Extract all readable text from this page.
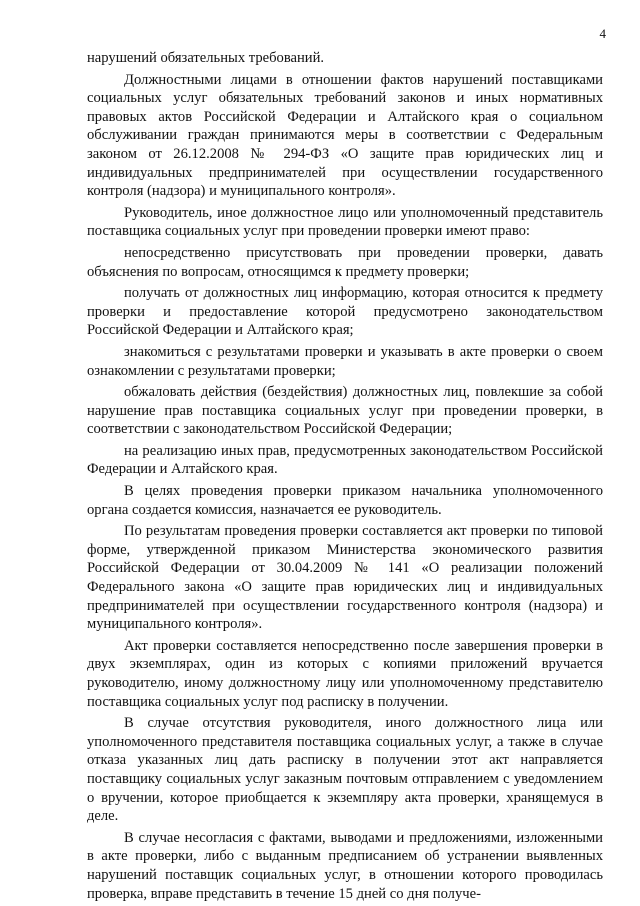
4

нарушений обязательных требований.

Должностными лицами в отношении фактов нарушений поставщиками социальных услуг обязательных требований законов и иных нормативных правовых актов Российской Федерации и Алтайского края о социальном обслуживании граждан принимаются меры в соответствии с Федеральным законом от 26.12.2008 № 294-ФЗ «О защите прав юридических лиц и индивидуальных предпринимателей при осуществлении государственного контроля (надзора) и муниципального контроля».

Руководитель, иное должностное лицо или уполномоченный представитель поставщика социальных услуг при проведении проверки имеют право:

непосредственно присутствовать при проведении проверки, давать объяснения по вопросам, относящимся к предмету проверки;

получать от должностных лиц информацию, которая относится к предмету проверки и предоставление которой предусмотрено законодательством Российской Федерации и Алтайского края;

знакомиться с результатами проверки и указывать в акте проверки о своем ознакомлении с результатами проверки;

обжаловать действия (бездействия) должностных лиц, повлекшие за собой нарушение прав поставщика социальных услуг при проведении проверки, в соответствии с законодательством Российской Федерации;

на реализацию иных прав, предусмотренных законодательством Российской Федерации и Алтайского края.

В целях проведения проверки приказом начальника уполномоченного органа создается комиссия, назначается ее руководитель.

По результатам проведения проверки составляется акт проверки по типовой форме, утвержденной приказом Министерства экономического развития Российской Федерации от 30.04.2009 № 141 «О реализации положений Федерального закона «О защите прав юридических лиц и индивидуальных предпринимателей при осуществлении государственного контроля (надзора) и муниципального контроля».

Акт проверки составляется непосредственно после завершения проверки в двух экземплярах, один из которых с копиями приложений вручается руководителю, иному должностному лицу или уполномоченному представителю поставщика социальных услуг под расписку в получении.

В случае отсутствия руководителя, иного должностного лица или уполномоченного представителя поставщика социальных услуг, а также в случае отказа указанных лиц дать расписку в получении этот акт направляется поставщику социальных услуг заказным почтовым отправлением с уведомлением о вручении, которое приобщается к экземпляру акта проверки, хранящемуся в деле.

В случае несогласия с фактами, выводами и предложениями, изложенными в акте проверки, либо с выданным предписанием об устранении выявленных нарушений поставщик социальных услуг, в отношении которого проводилась проверка, вправе представить в течение 15 дней со дня получе-
